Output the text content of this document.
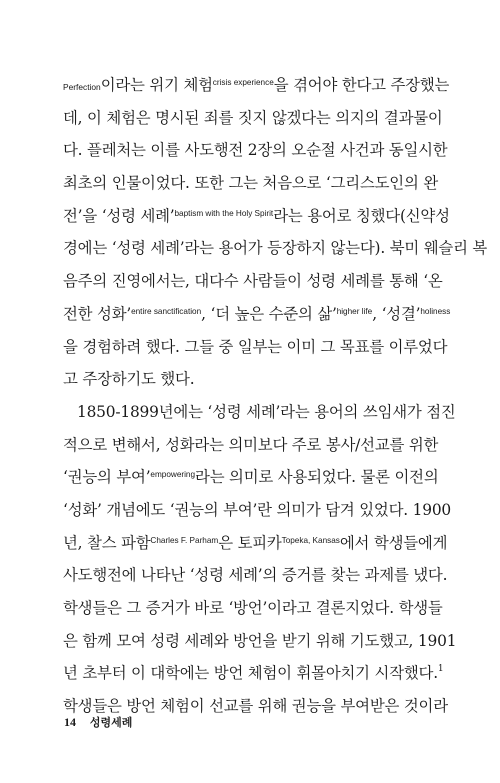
Perfection이라는 위기 체험$^{crisis experience}$을 겪어야 한다고 주장했는
데, 이 체험은 명시된 죄를 짓지 않겠다는 의지의 결과물이
다. 플레처는 이를 사도행전 2장의 오순절 사건과 동일시한
최초의 인물이었다. 또한 그는 처음으로 ‘그리스도인의 완
전’을 ‘성령 세례’$^{baptism with the Holy Spirit}$라는 용어로 칭했다(신약성
경에는 ‘성령 세례’라는 용어가 등장하지 않는다). 북미 웨슬리 복
음주의 진영에서는, 대다수 사람들이 성령 세례를 통해 ‘온
전한 성화’$^{entire sanctification}$, ‘더 높은 수준의 삶’$^{higher life}$, ‘성결’$^{holiness}$
을 경험하려 했다. 그들 중 일부는 이미 그 목표를 이루었다
고 주장하기도 했다.
1850-1899년에는 ‘성령 세례’라는 용어의 쓰임새가 점진
적으로 변해서, 성화라는 의미보다 주로 봉사/선교를 위한
‘권능의 부여’$^{empowering}$라는 의미로 사용되었다. 물론 이전의
‘성화’ 개념에도 ‘권능의 부여’란 의미가 담겨 있었다. 1900
년, 찰스 파함$^{Charles F. Parham}$은 토피카$^{Topeka, Kansas}$에서 학생들에게
사도행전에 나타난 ‘성령 세례’의 증거를 찾는 과제를 냈다.
학생들은 그 증거가 바로 ‘방언’이라고 결론지었다. 학생들
은 함께 모여 성령 세례와 방언을 받기 위해 기도했고, 1901
년 초부터 이 대학에는 방언 체험이 휘몰아치기 시작했다.$^1$
학생들은 방언 체험이 선교를 위해 권능을 부여받은 것이라
14 성령세례
